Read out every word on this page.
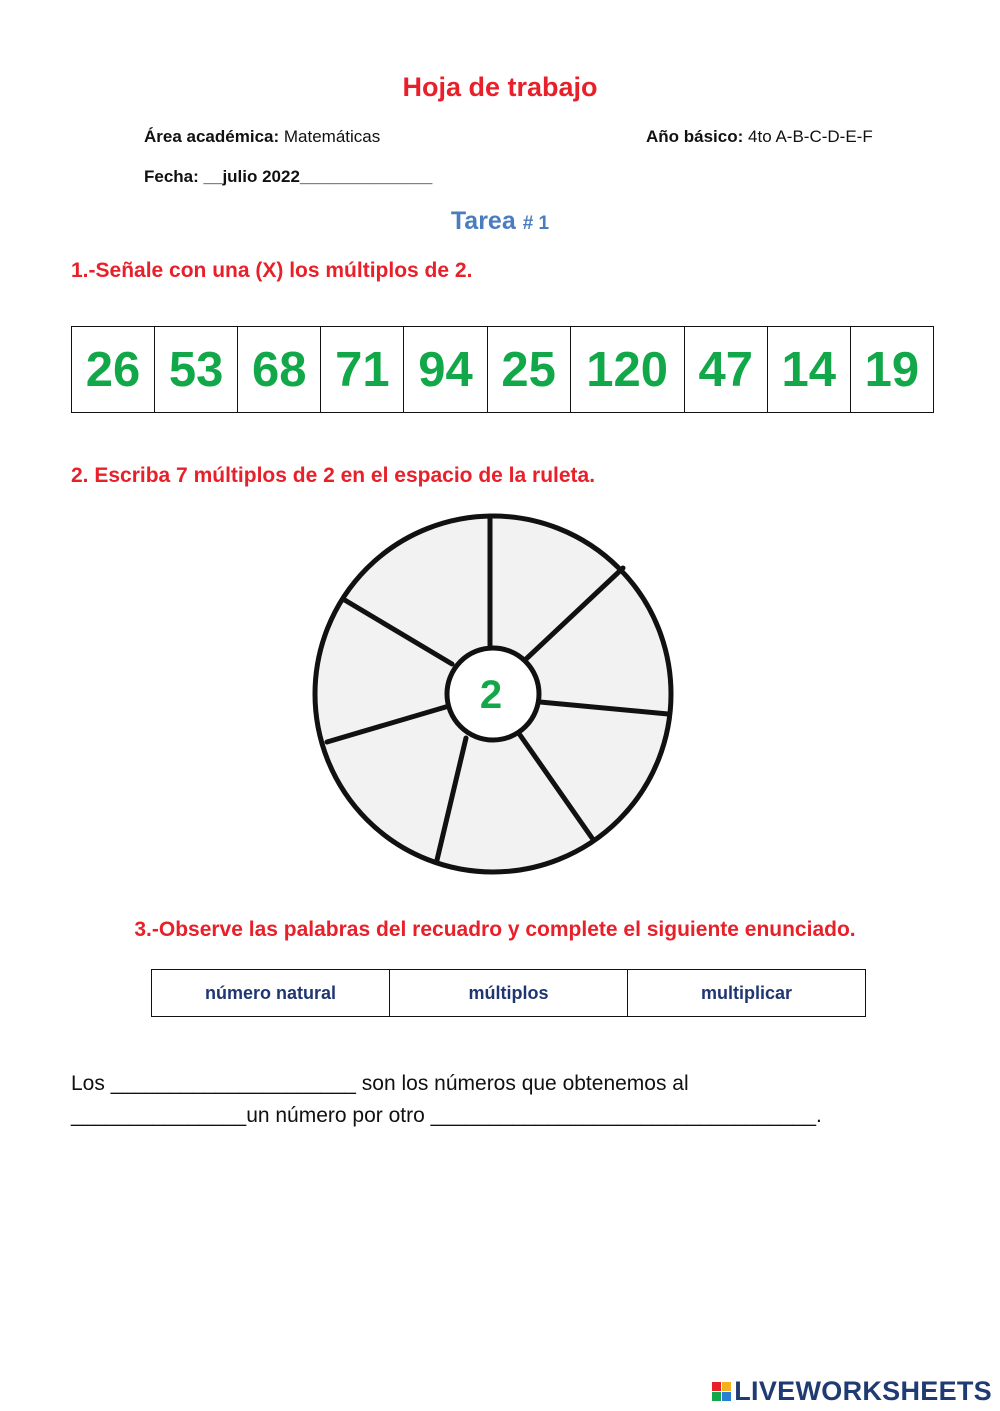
Hoja de trabajo
Área académica: Matemáticas	Año básico: 4to A-B-C-D-E-F
Fecha: __julio 2022______________
Tarea # 1
1.-Señale con una (X) los múltiplos de 2.
26	53	68	71	94	25	120	47	14	19
2. Escriba 7 múltiplos de 2 en el espacio de la ruleta.
2
3.-Observe las palabras del recuadro y complete el siguiente enunciado.
número natural	múltiplos	multiplicar
Los _____________________ son los números que obtenemos al
_______________un número por otro _________________________________.
LIVEWORKSHEETS
